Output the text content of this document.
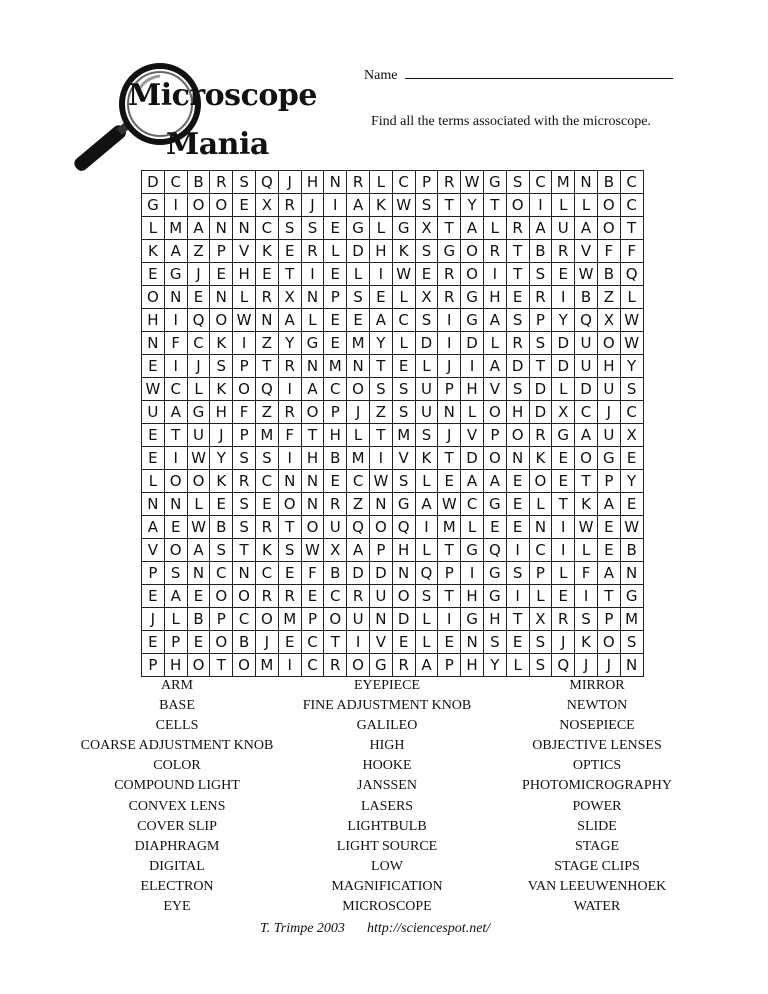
Microscope
Mania
Name
Find all the terms associated with the microscope.
D	C	B	R	S	Q	J	H	N	R	L	C	P	R	W	G	S	C	M	N	B	C
G	I	O	O	E	X	R	J	I	A	K	W	S	T	Y	T	O	I	L	L	O	C
L	M	A	N	N	C	S	S	E	G	L	G	X	T	A	L	R	A	U	A	O	T
K	A	Z	P	V	K	E	R	L	D	H	K	S	G	O	R	T	B	R	V	F	F
E	G	J	E	H	E	T	I	E	L	I	W	E	R	O	I	T	S	E	W	B	Q
O	N	E	N	L	R	X	N	P	S	E	L	X	R	G	H	E	R	I	B	Z	L
H	I	Q	O	W	N	A	L	E	E	A	C	S	I	G	A	S	P	Y	Q	X	W
N	F	C	K	I	Z	Y	G	E	M	Y	L	D	I	D	L	R	S	D	U	O	W
E	I	J	S	P	T	R	N	M	N	T	E	L	J	I	A	D	T	D	U	H	Y
W	C	L	K	O	Q	I	A	C	O	S	S	U	P	H	V	S	D	L	D	U	S
U	A	G	H	F	Z	R	O	P	J	Z	S	U	N	L	O	H	D	X	C	J	C
E	T	U	J	P	M	F	T	H	L	T	M	S	J	V	P	O	R	G	A	U	X
E	I	W	Y	S	S	I	H	B	M	I	V	K	T	D	O	N	K	E	O	G	E
L	O	O	K	R	C	N	N	E	C	W	S	L	E	A	A	E	O	E	T	P	Y
N	N	L	E	S	E	O	N	R	Z	N	G	A	W	C	G	E	L	T	K	A	E
A	E	W	B	S	R	T	O	U	Q	O	Q	I	M	L	E	E	N	I	W	E	W
V	O	A	S	T	K	S	W	X	A	P	H	L	T	G	Q	I	C	I	L	E	B
P	S	N	C	N	C	E	F	B	D	D	N	Q	P	I	G	S	P	L	F	A	N
E	A	E	O	O	R	R	E	C	R	U	O	S	T	H	G	I	L	E	I	T	G
J	L	B	P	C	O	M	P	O	U	N	D	L	I	G	H	T	X	R	S	P	M
E	P	E	O	B	J	E	C	T	I	V	E	L	E	N	S	E	S	J	K	O	S
P	H	O	T	O	M	I	C	R	O	G	R	A	P	H	Y	L	S	Q	J	J	N
ARM
BASE
CELLS
COARSE ADJUSTMENT KNOB
COLOR
COMPOUND LIGHT
CONVEX LENS
COVER SLIP
DIAPHRAGM
DIGITAL
ELECTRON
EYE
EYEPIECE
FINE ADJUSTMENT KNOB
GALILEO
HIGH
HOOKE
JANSSEN
LASERS
LIGHTBULB
LIGHT SOURCE
LOW
MAGNIFICATION
MICROSCOPE
MIRROR
NEWTON
NOSEPIECE
OBJECTIVE LENSES
OPTICS
PHOTOMICROGRAPHY
POWER
SLIDE
STAGE
STAGE CLIPS
VAN LEEUWENHOEK
WATER
T. Trimpe 2003 http://sciencespot.net/
